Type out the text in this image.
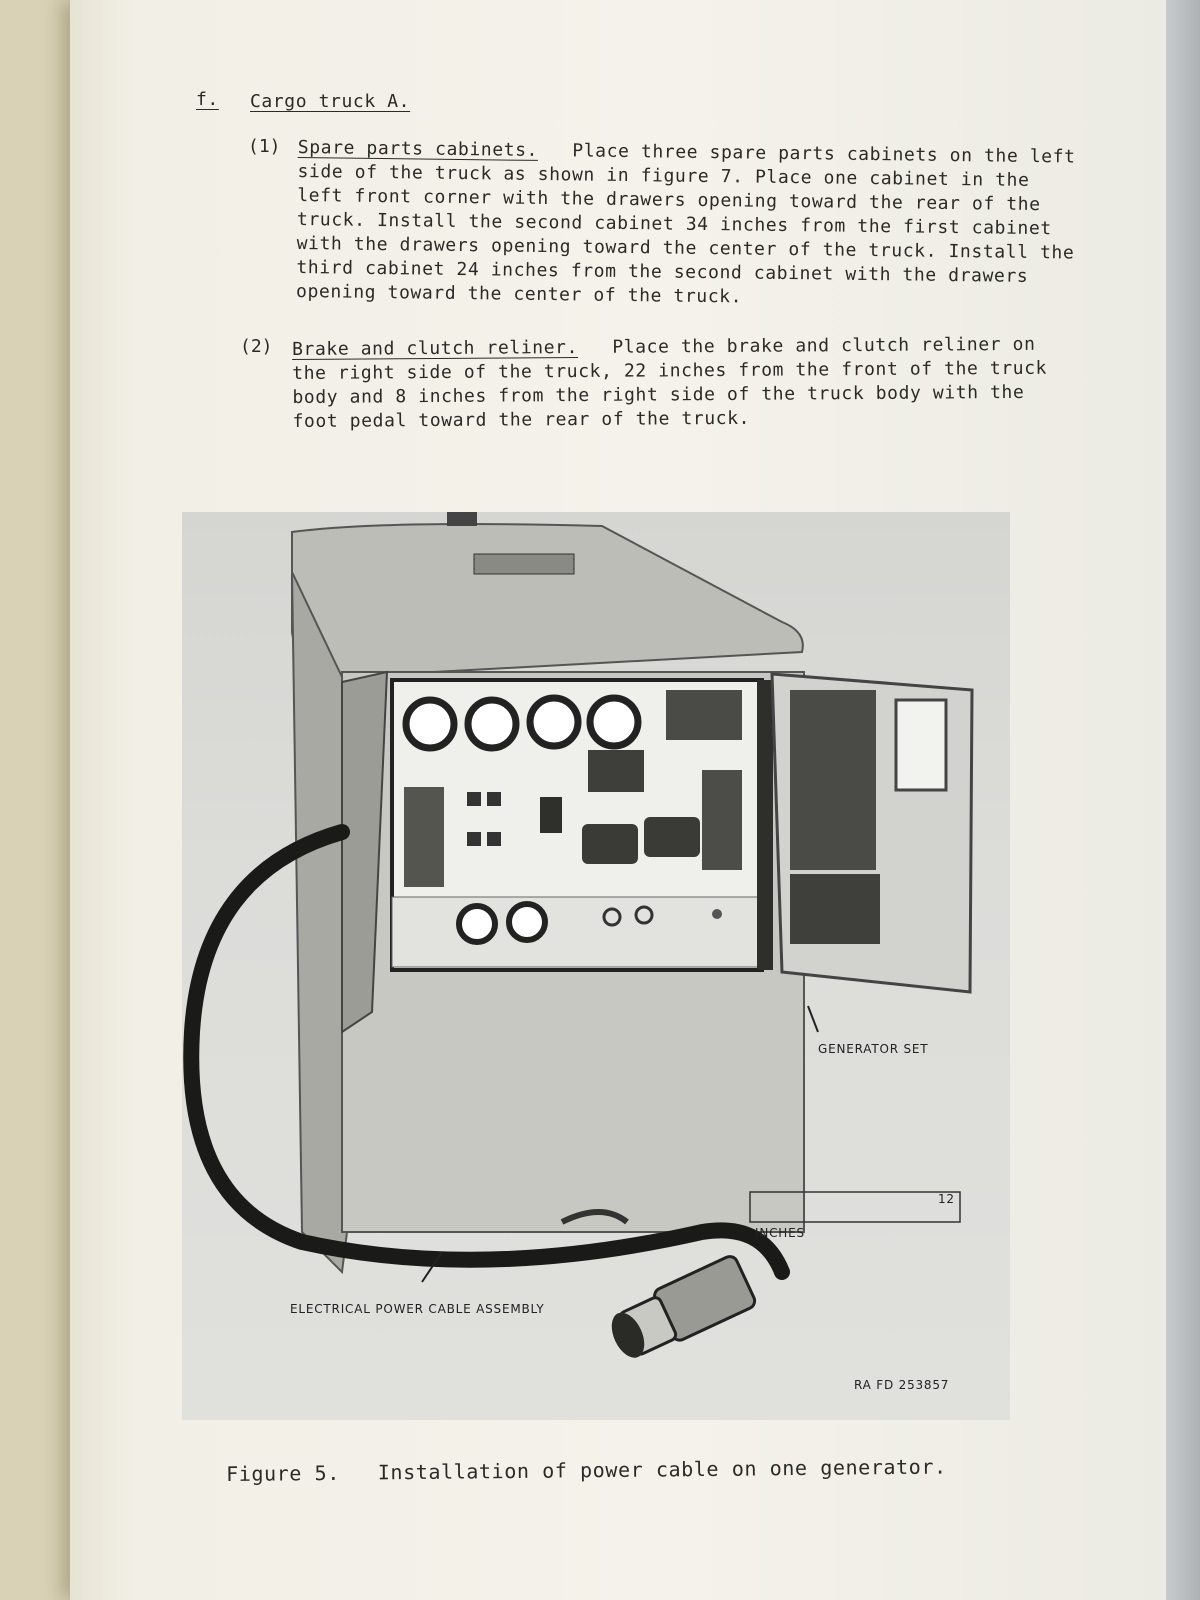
f. Cargo truck A.
(1) Spare parts cabinets. Place three spare parts cabinets on the left side of the truck as shown in figure 7. Place one cabinet in the left front corner with the drawers opening toward the rear of the truck. Install the second cabinet 34 inches from the first cabinet with the drawers opening toward the center of the truck. Install the third cabinet 24 inches from the second cabinet with the drawers opening toward the center of the truck.
(2) Brake and clutch reliner. Place the brake and clutch reliner on the right side of the truck, 22 inches from the front of the truck body and 8 inches from the right side of the truck body with the foot pedal toward the rear of the truck.
GENERATOR SET
INCHES
12
ELECTRICAL POWER CABLE ASSEMBLY
RA FD 253857
Figure 5. Installation of power cable on one generator.
